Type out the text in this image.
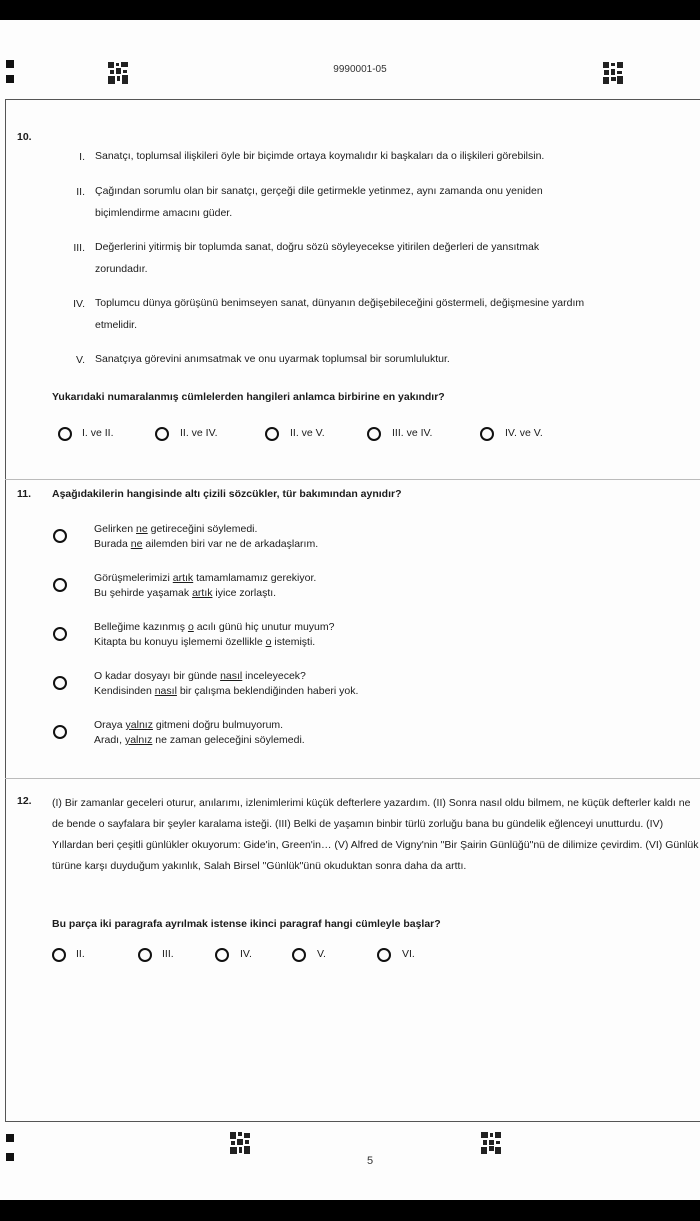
9990001-05
10.
I. Sanatçı, toplumsal ilişkileri öyle bir biçimde ortaya koymalıdır ki başkaları da o ilişkileri görebilsin.
II. Çağından sorumlu olan bir sanatçı, gerçeği dile getirmekle yetinmez, aynı zamanda onu yeniden
biçimlendirme amacını güder.
III. Değerlerini yitirmiş bir toplumda sanat, doğru sözü söyleyecekse yitirilen değerleri de yansıtmak
zorundadır.
IV. Toplumcu dünya görüşünü benimseyen sanat, dünyanın değişebileceğini göstermeli, değişmesine yardım
etmelidir.
V. Sanatçıya görevini anımsatmak ve onu uyarmak toplumsal bir sorumluluktur.
Yukarıdaki numaralanmış cümlelerden hangileri anlamca birbirine en yakındır?
I. ve II.	II. ve IV.	II. ve V.	III. ve IV.	IV. ve V.
11. Aşağıdakilerin hangisinde altı çizili sözcükler, tür bakımından aynıdır?
Gelirken ne getireceğini söylemedi.
Burada ne ailemden biri var ne de arkadaşlarım.
Görüşmelerimizi artık tamamlamamız gerekiyor.
Bu şehirde yaşamak artık iyice zorlaştı.
Belleğime kazınmış o acılı günü hiç unutur muyum?
Kitapta bu konuyu işlememi özellikle o istemişti.
O kadar dosyayı bir günde nasıl inceleyecek?
Kendisinden nasıl bir çalışma beklendiğinden haberi yok.
Oraya yalnız gitmeni doğru bulmuyorum.
Aradı, yalnız ne zaman geleceğini söylemedi.
12. (I) Bir zamanlar geceleri oturur, anılarımı, izlenimlerimi küçük defterlere yazardım. (II) Sonra nasıl oldu bilmem, ne küçük defterler kaldı ne de bende o sayfalara bir şeyler karalama isteği. (III) Belki de yaşamın binbir türlü zorluğu bana bu gündelik eğlenceyi unutturdu. (IV) Yıllardan beri çeşitli günlükler okuyorum: Gide'in, Green'in… (V) Alfred de Vigny'nin "Bir Şairin Günlüğü"nü de dilimize çevirdim. (VI) Günlük türüne karşı duyduğum yakınlık, Salah Birsel "Günlük"ünü okuduktan sonra daha da arttı.
Bu parça iki paragrafa ayrılmak istense ikinci paragraf hangi cümleyle başlar?
II.	III.	IV.	V.	VI.
5
